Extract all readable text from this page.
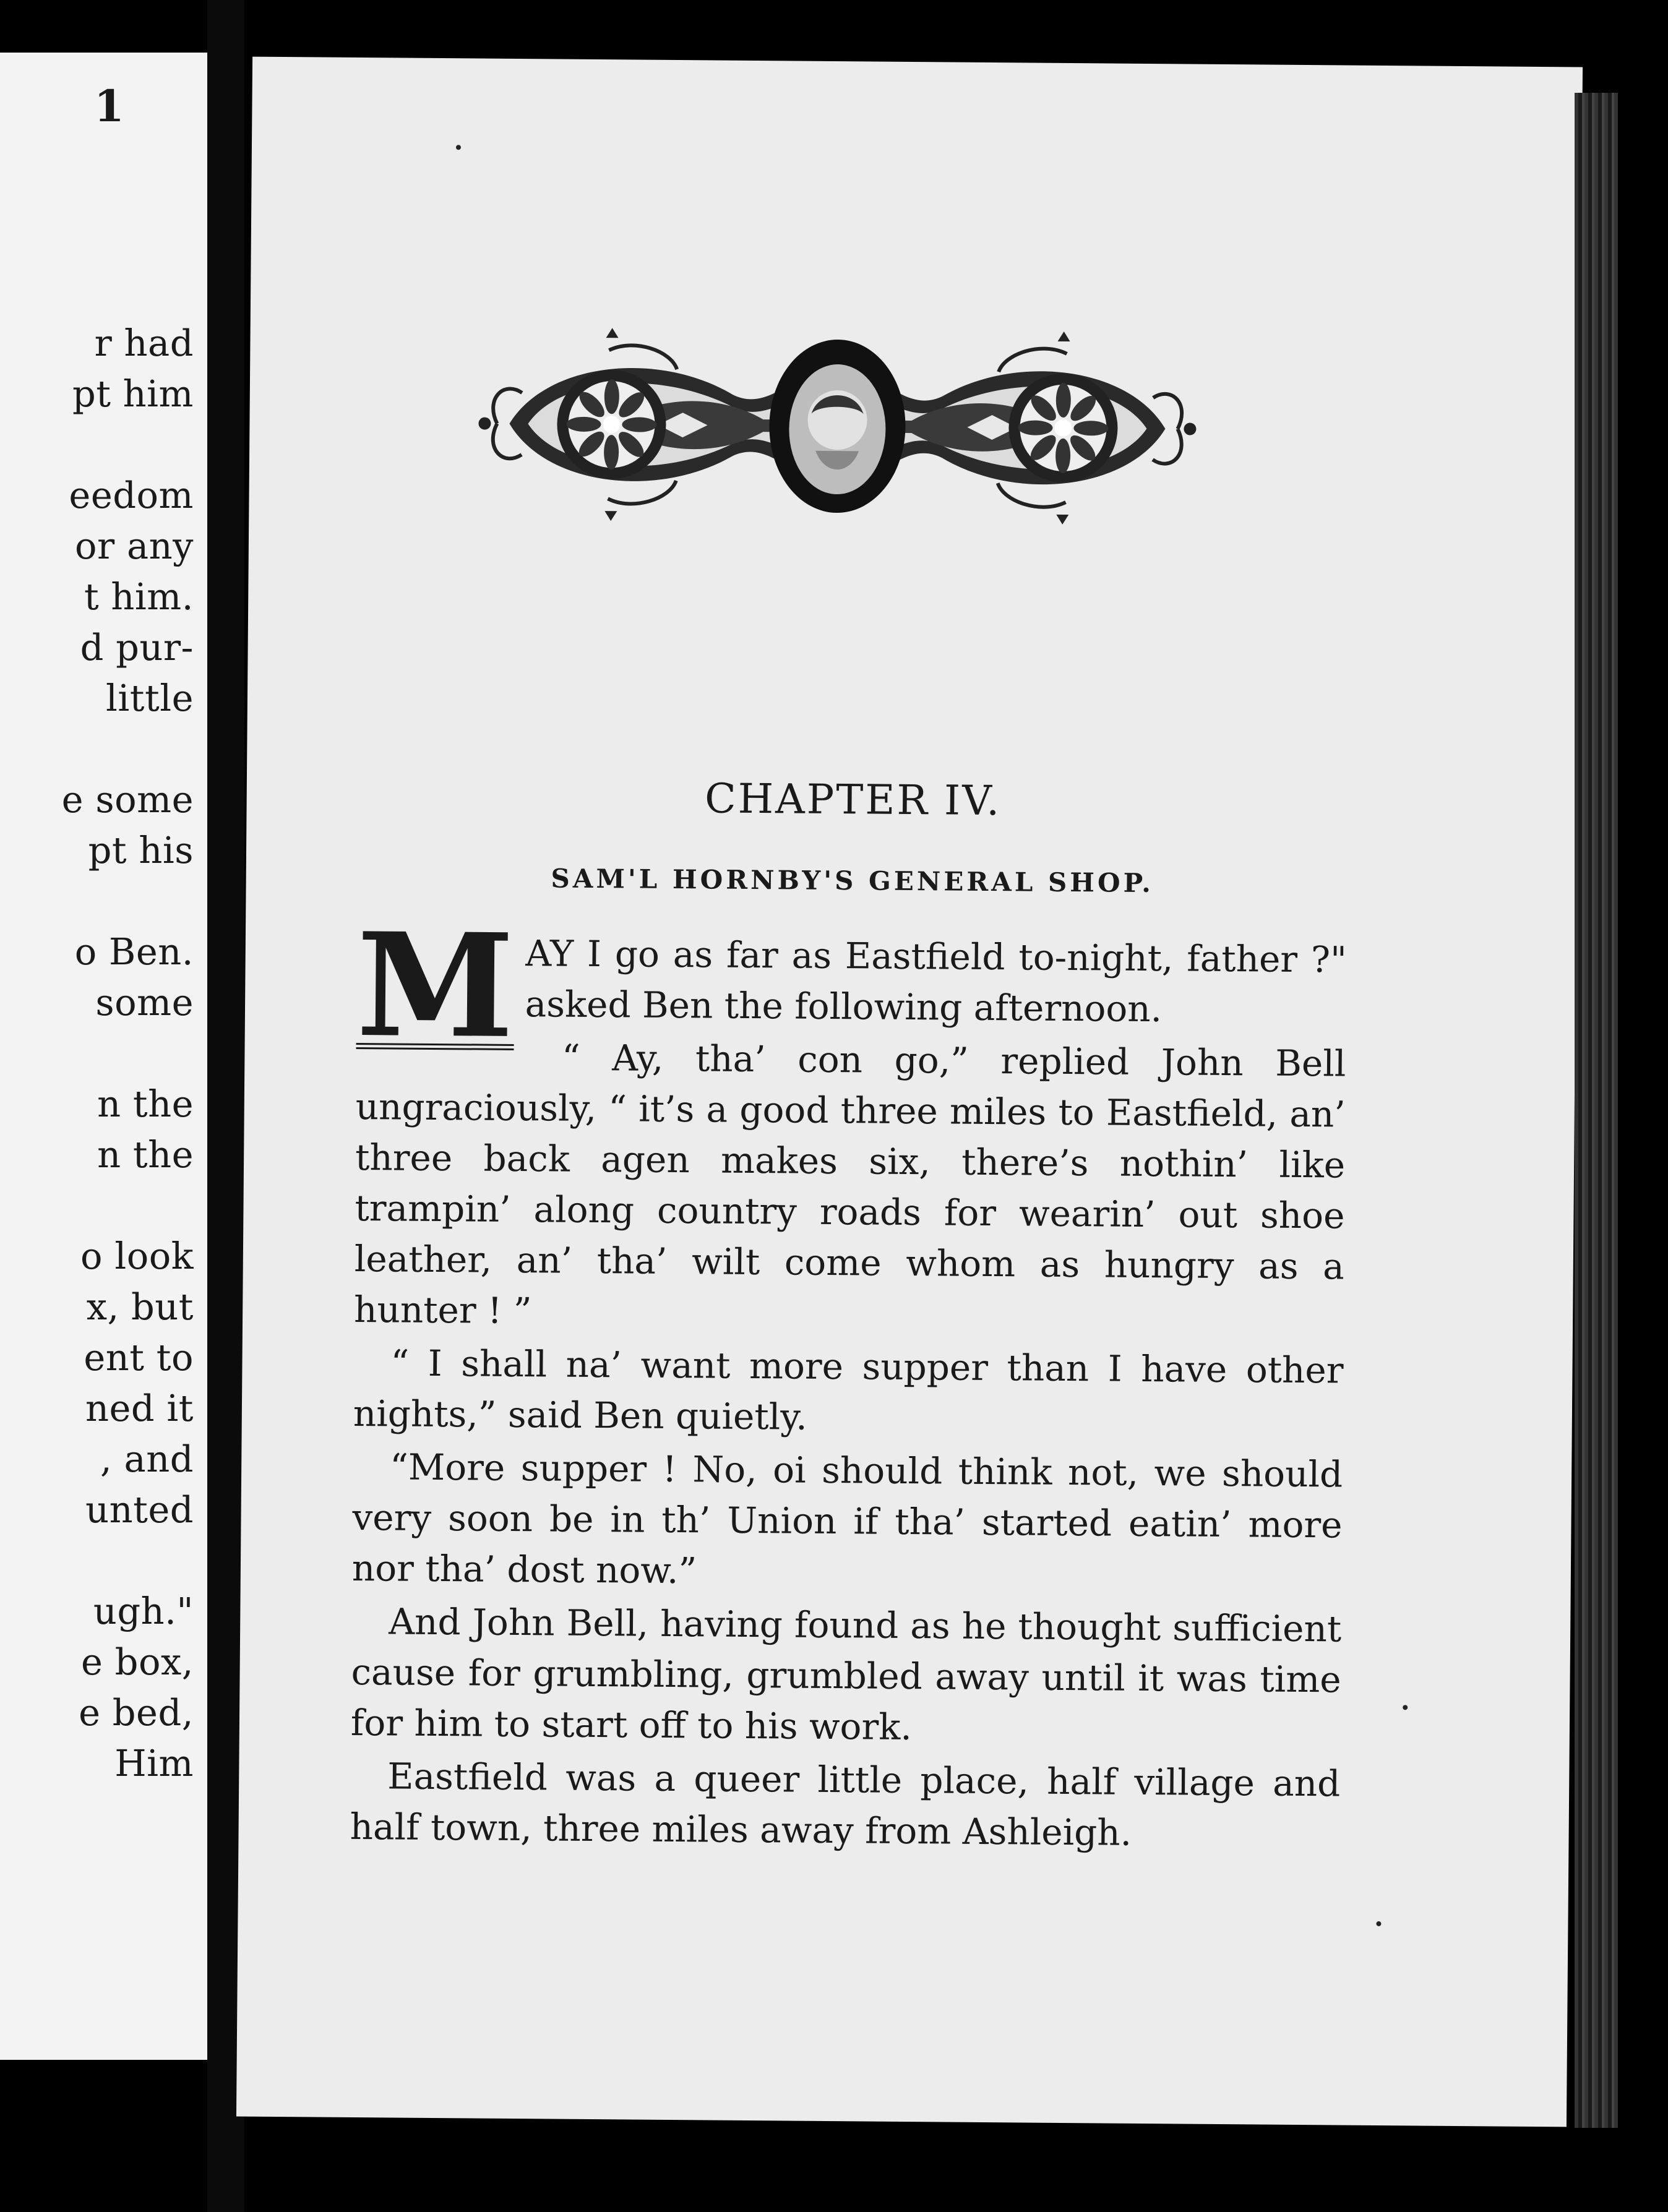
1
r had
pt him
eedom
or any
t him.
d pur-
little
e some
pt his
o Ben.
some
n the
n the
o look
x, but
ent to
ned it
, and
unted
ugh."
e box,
e bed,
Him
CHAPTER IV.
SAM'L HORNBY'S GENERAL SHOP.

M AY I go as far as Eastfield to-night, father ?" asked Ben the following afternoon.

“ Ay, tha’ con go,” replied John Bell ungraciously, “ it’s a good three miles to Eastfield, an’ three back agen makes six, there’s nothin’ like trampin’ along country roads for wearin’ out shoe leather, an’ tha’ wilt come whom as hungry as a hunter ! ”

“ I shall na’ want more supper than I have other nights,” said Ben quietly.

“More supper ! No, oi should think not, we should very soon be in th’ Union if tha’ started eatin’ more nor tha’ dost now.”

And John Bell, having found as he thought sufficient cause for grumbling, grumbled away until it was time for him to start off to his work.

Eastfield was a queer little place, half village and half town, three miles away from Ashleigh.
